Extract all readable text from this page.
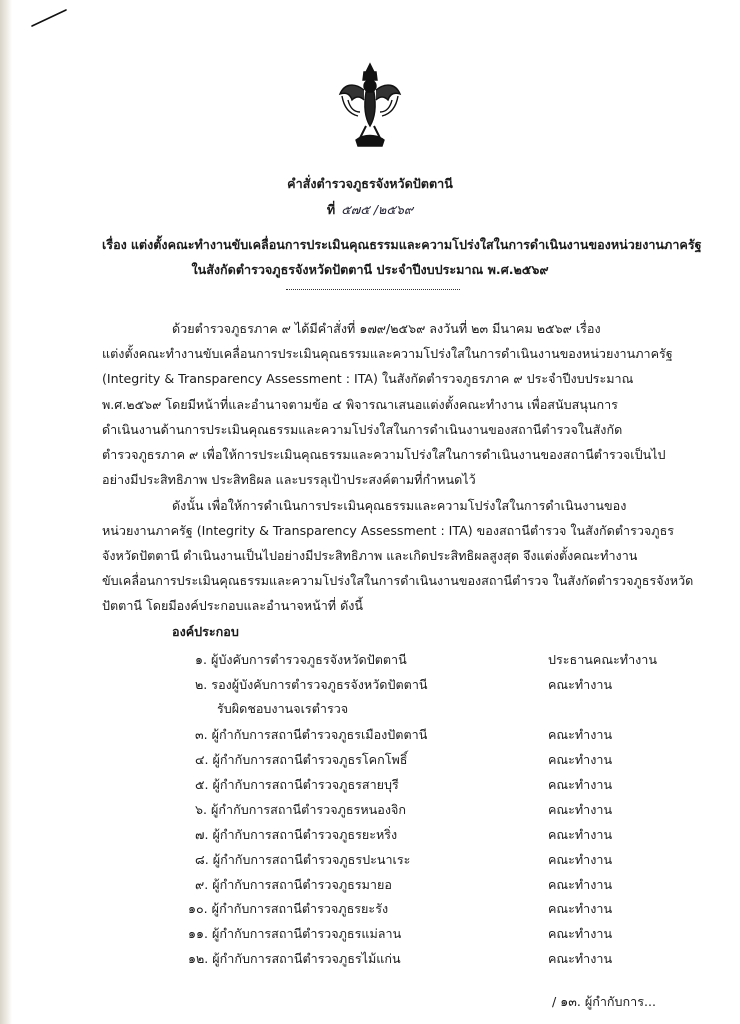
คำสั่งตำรวจภูธรจังหวัดปัตตานี

ที่ ๕๗๕ /๒๕๖๙

เรื่อง แต่งตั้งคณะทำงานขับเคลื่อนการประเมินคุณธรรมและความโปร่งใสในการดำเนินงานของหน่วยงานภาครัฐ

ในสังกัดตำรวจภูธรจังหวัดปัตตานี ประจำปีงบประมาณ พ.ศ.๒๕๖๙

ด้วยตำรวจภูธรภาค ๙ ได้มีคำสั่งที่ ๑๗๙/๒๕๖๙ ลงวันที่ ๒๓ มีนาคม ๒๕๖๙ เรื่อง

แต่งตั้งคณะทำงานขับเคลื่อนการประเมินคุณธรรมและความโปร่งใสในการดำเนินงานของหน่วยงานภาครัฐ

(Integrity & Transparency Assessment : ITA) ในสังกัดตำรวจภูธรภาค ๙ ประจำปีงบประมาณ

พ.ศ.๒๕๖๙ โดยมีหน้าที่และอำนาจตามข้อ ๔ พิจารณาเสนอแต่งตั้งคณะทำงาน เพื่อสนับสนุนการ

ดำเนินงานด้านการประเมินคุณธรรมและความโปร่งใสในการดำเนินงานของสถานีตำรวจในสังกัด

ตำรวจภูธรภาค ๙ เพื่อให้การประเมินคุณธรรมและความโปร่งใสในการดำเนินงานของสถานีตำรวจเป็นไป

อย่างมีประสิทธิภาพ ประสิทธิผล และบรรลุเป้าประสงค์ตามที่กำหนดไว้

ดังนั้น เพื่อให้การดำเนินการประเมินคุณธรรมและความโปร่งใสในการดำเนินงานของ

หน่วยงานภาครัฐ (Integrity & Transparency Assessment : ITA) ของสถานีตำรวจ ในสังกัดตำรวจภูธร

จังหวัดปัตตานี ดำเนินงานเป็นไปอย่างมีประสิทธิภาพ และเกิดประสิทธิผลสูงสุด จึงแต่งตั้งคณะทำงาน

ขับเคลื่อนการประเมินคุณธรรมและความโปร่งใสในการดำเนินงานของสถานีตำรวจ ในสังกัดตำรวจภูธรจังหวัด

ปัตตานี โดยมีองค์ประกอบและอำนาจหน้าที่ ดังนี้

องค์ประกอบ

๑. ผู้บังคับการตำรวจภูธรจังหวัดปัตตานี	ประธานคณะทำงาน
๒. รองผู้บังคับการตำรวจภูธรจังหวัดปัตตานี	คณะทำงาน
รับผิดชอบงานจเรตำรวจ
๓. ผู้กำกับการสถานีตำรวจภูธรเมืองปัตตานี	คณะทำงาน
๔. ผู้กำกับการสถานีตำรวจภูธรโคกโพธิ์	คณะทำงาน
๕. ผู้กำกับการสถานีตำรวจภูธรสายบุรี	คณะทำงาน
๖. ผู้กำกับการสถานีตำรวจภูธรหนองจิก	คณะทำงาน
๗. ผู้กำกับการสถานีตำรวจภูธรยะหริ่ง	คณะทำงาน
๘. ผู้กำกับการสถานีตำรวจภูธรปะนาเระ	คณะทำงาน
๙. ผู้กำกับการสถานีตำรวจภูธรมายอ	คณะทำงาน
๑๐. ผู้กำกับการสถานีตำรวจภูธรยะรัง	คณะทำงาน
๑๑. ผู้กำกับการสถานีตำรวจภูธรแม่ลาน	คณะทำงาน
๑๒. ผู้กำกับการสถานีตำรวจภูธรไม้แก่น	คณะทำงาน

/ ๑๓. ผู้กำกับการ...
